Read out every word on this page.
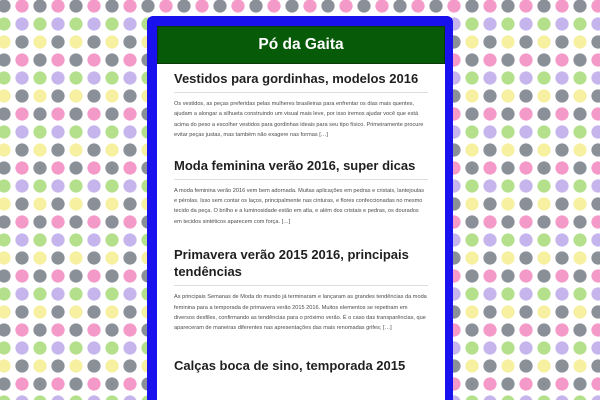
Pó da Gaita
Vestidos para gordinhas, modelos 2016

Os vestidos, as peças preferidas pelas mulheres brasileiras para enfrentar os dias mais quentes, ajudam a alongar a silhueta construindo um visual mais leve, por isso iremos ajudar você que está acima do peso a escolher vestidos para gordinhas ideais para seu tipo físico. Primeiramente procure evitar peças justas, mas também não exagere nas formas […]

Moda feminina verão 2016, super dicas

A moda feminina verão 2016 vem bem adornada. Muitas aplicações em pedras e cristais, lantejoulas e pérolas. Isso sem contar os laços, principalmente nas cinturas, e flores confeccionadas no mesmo tecido da peça. O brilho e a luminosidade estão em alta, e além dos cristais e pedras, os dourados em tecidos sintéticos aparecem com força. […]

Primavera verão 2015 2016, principais tendências

As principais Semanas de Moda do mundo já terminaram e lançaram as grandes tendências da moda feminina para a temporada de primavera verão 2015 2016. Muitos elementos se repetiram em diversos desfiles, confirmando as tendências para o próximo verão. É o caso das transparências, que apareceram de maneiras diferentes nas apresentações das mais renomadas grifes; […]

Calças boca de sino, temporada 2015
